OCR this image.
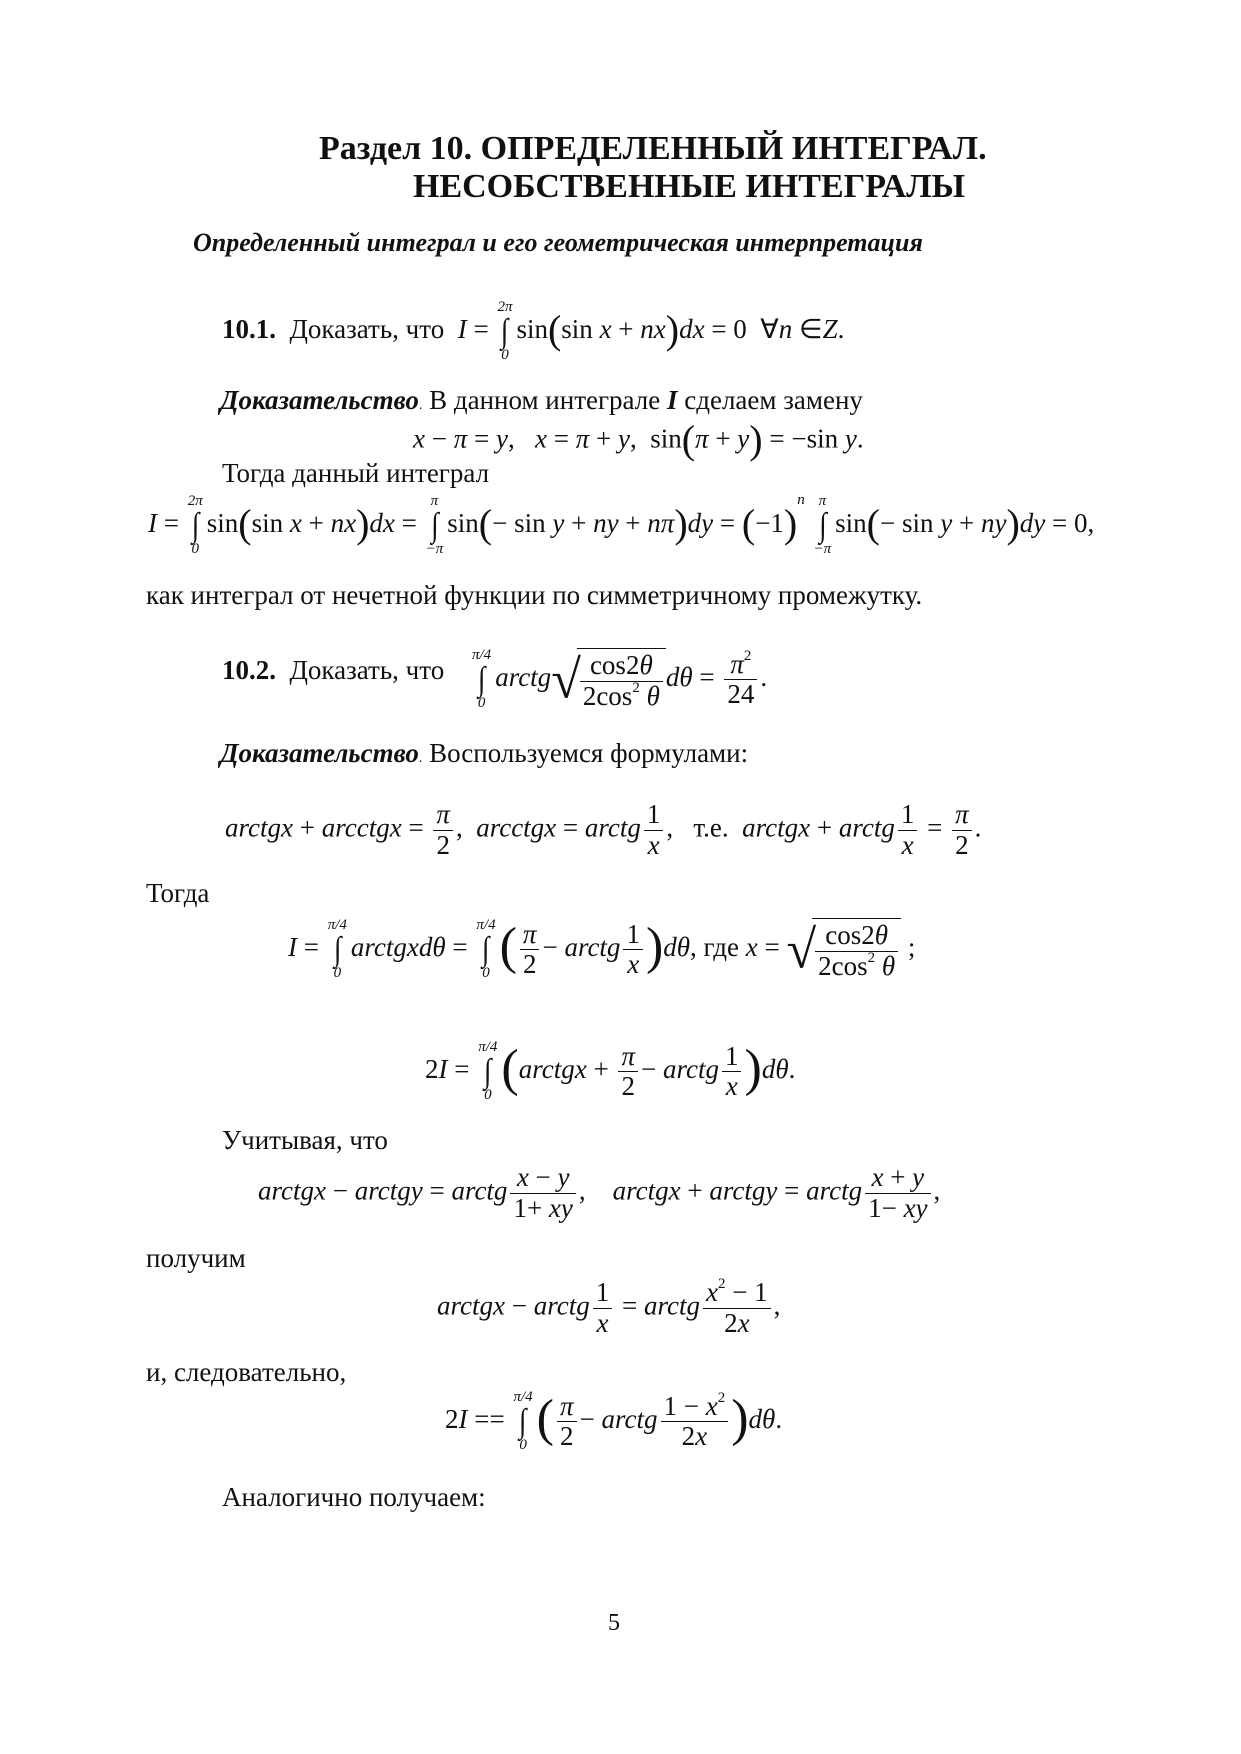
Раздел 10. ОПРЕДЕЛЕННЫЙ ИНТЕГРАЛ.
НЕСОБСТВЕННЫЕ ИНТЕГРАЛЫ
Определенный интеграл и его геометрическая интерпретация
10.1. Доказать, что I =
2π
∫
0
sin(sin x + nx)dx = 0  ∀n ∈Z.
Доказательство. В данном интеграле I сделаем замену
x − π = y,   x = π + y,  sin(π + y) = −sin y.
Тогда данный интеграл
I =
2π
∫
0
sin(sin x + nx)dx =
π
∫
−π
sin(− sin y + ny + $n\pi)dy = (-1)^n$ π
∫
−π
sin(− sin y + ny)dy = 0,
как интеграл от нечетной функции по симметричному промежутку.
10.2. Доказать, что π/4
∫
0
arctg√ $\frac{\cos 2\theta}{2\cos^2 \theta}$ $d\theta = \frac{\pi^2}{24}$ .
Доказательство. Воспользуемся формулами:
arctgx + arcctgx = $\frac{\pi}{2}$ ,  arcctgx = arctg $\frac{1}{x}$ ,   т.е. arctgx + arctg $\frac{1}{x} = \frac{\pi}{2}$ .
Тогда
I =
π/4
∫
0
arctgxdθ =
π/4
∫
0 ( $\frac{\pi}{2}$ − arctg $\frac{1}{x} )d\theta$, где x = √ $\frac{\cos 2\theta}{2\cos^2 \theta}$ ;
2I =
π/4
∫
0 (arctgx + $\frac{\pi}{2}$ − arctg $\frac{1}{x} )d\theta$.
Учитывая, что
arctgx − arctgy = arctg $\frac{x - y}{1+ xy}$ ,    arctgx + arctgy = arctg $\frac{x + y}{1- xy}$ ,
получим
arctgx − arctg $\frac{1}{x}$ = arctg $\frac{x^2 - 1}{2x}$ ,
и, следовательно,
2I ==
π/4
∫
0 ( $\frac{\pi}{2}$ − arctg $\frac{1 - x^2}{2x} )d\theta$.
Аналогично получаем:
5
